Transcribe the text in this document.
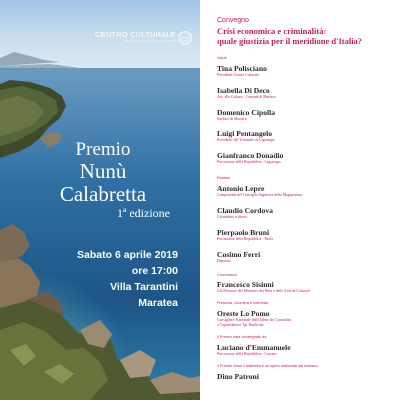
CENTRO CULTURALE
José María Castañeda • Maratea
Premio
Nunù
Calabretta
1ª edizione
Sabato 6 aprile 2019
ore 17:00
Villa Tarantini
Maratea
Convegno
Crisi economica e criminalità:
quale giustizia per il meridione d'Italia?
Saluti
Tina Polisciano
Presidente Centro Culturale
Isabella Di Deco
Ass. alla Cultura - Comune di Maratea
Domenico Cipolla
Sindaco di Maratea
Luigi Pentangelo
Presidente del Tribunale di Lagonegro
Gianfranco Donadio
Procuratore della Repubblica - Lagonegro
Relatori
Antonio Lepre
Componente del Consiglio Superiore della Magistratura
Claudio Cordova
Giornalista scrittore
Pierpaolo Bruni
Procuratore della Repubblica - Paola
Cosimo Ferri
Deputato
Conclusioni
Francesco Sisinni
Già Direttore del Ministero dei Beni e delle Attività Culturali
Presenta, coordina e intervista
Oreste Lo Pomo
Consigliere Nazionale dell'Ordine dei Giornalisti
e Caporedattore Tgr Basilicata
Il Premio sarà consegnato da
Luciano d'Emmanuele
Procuratore della Repubblica - Cassino
Il Premio Nunù Calabretta è un'opera realizzata dal maestro
Dino Patroni
